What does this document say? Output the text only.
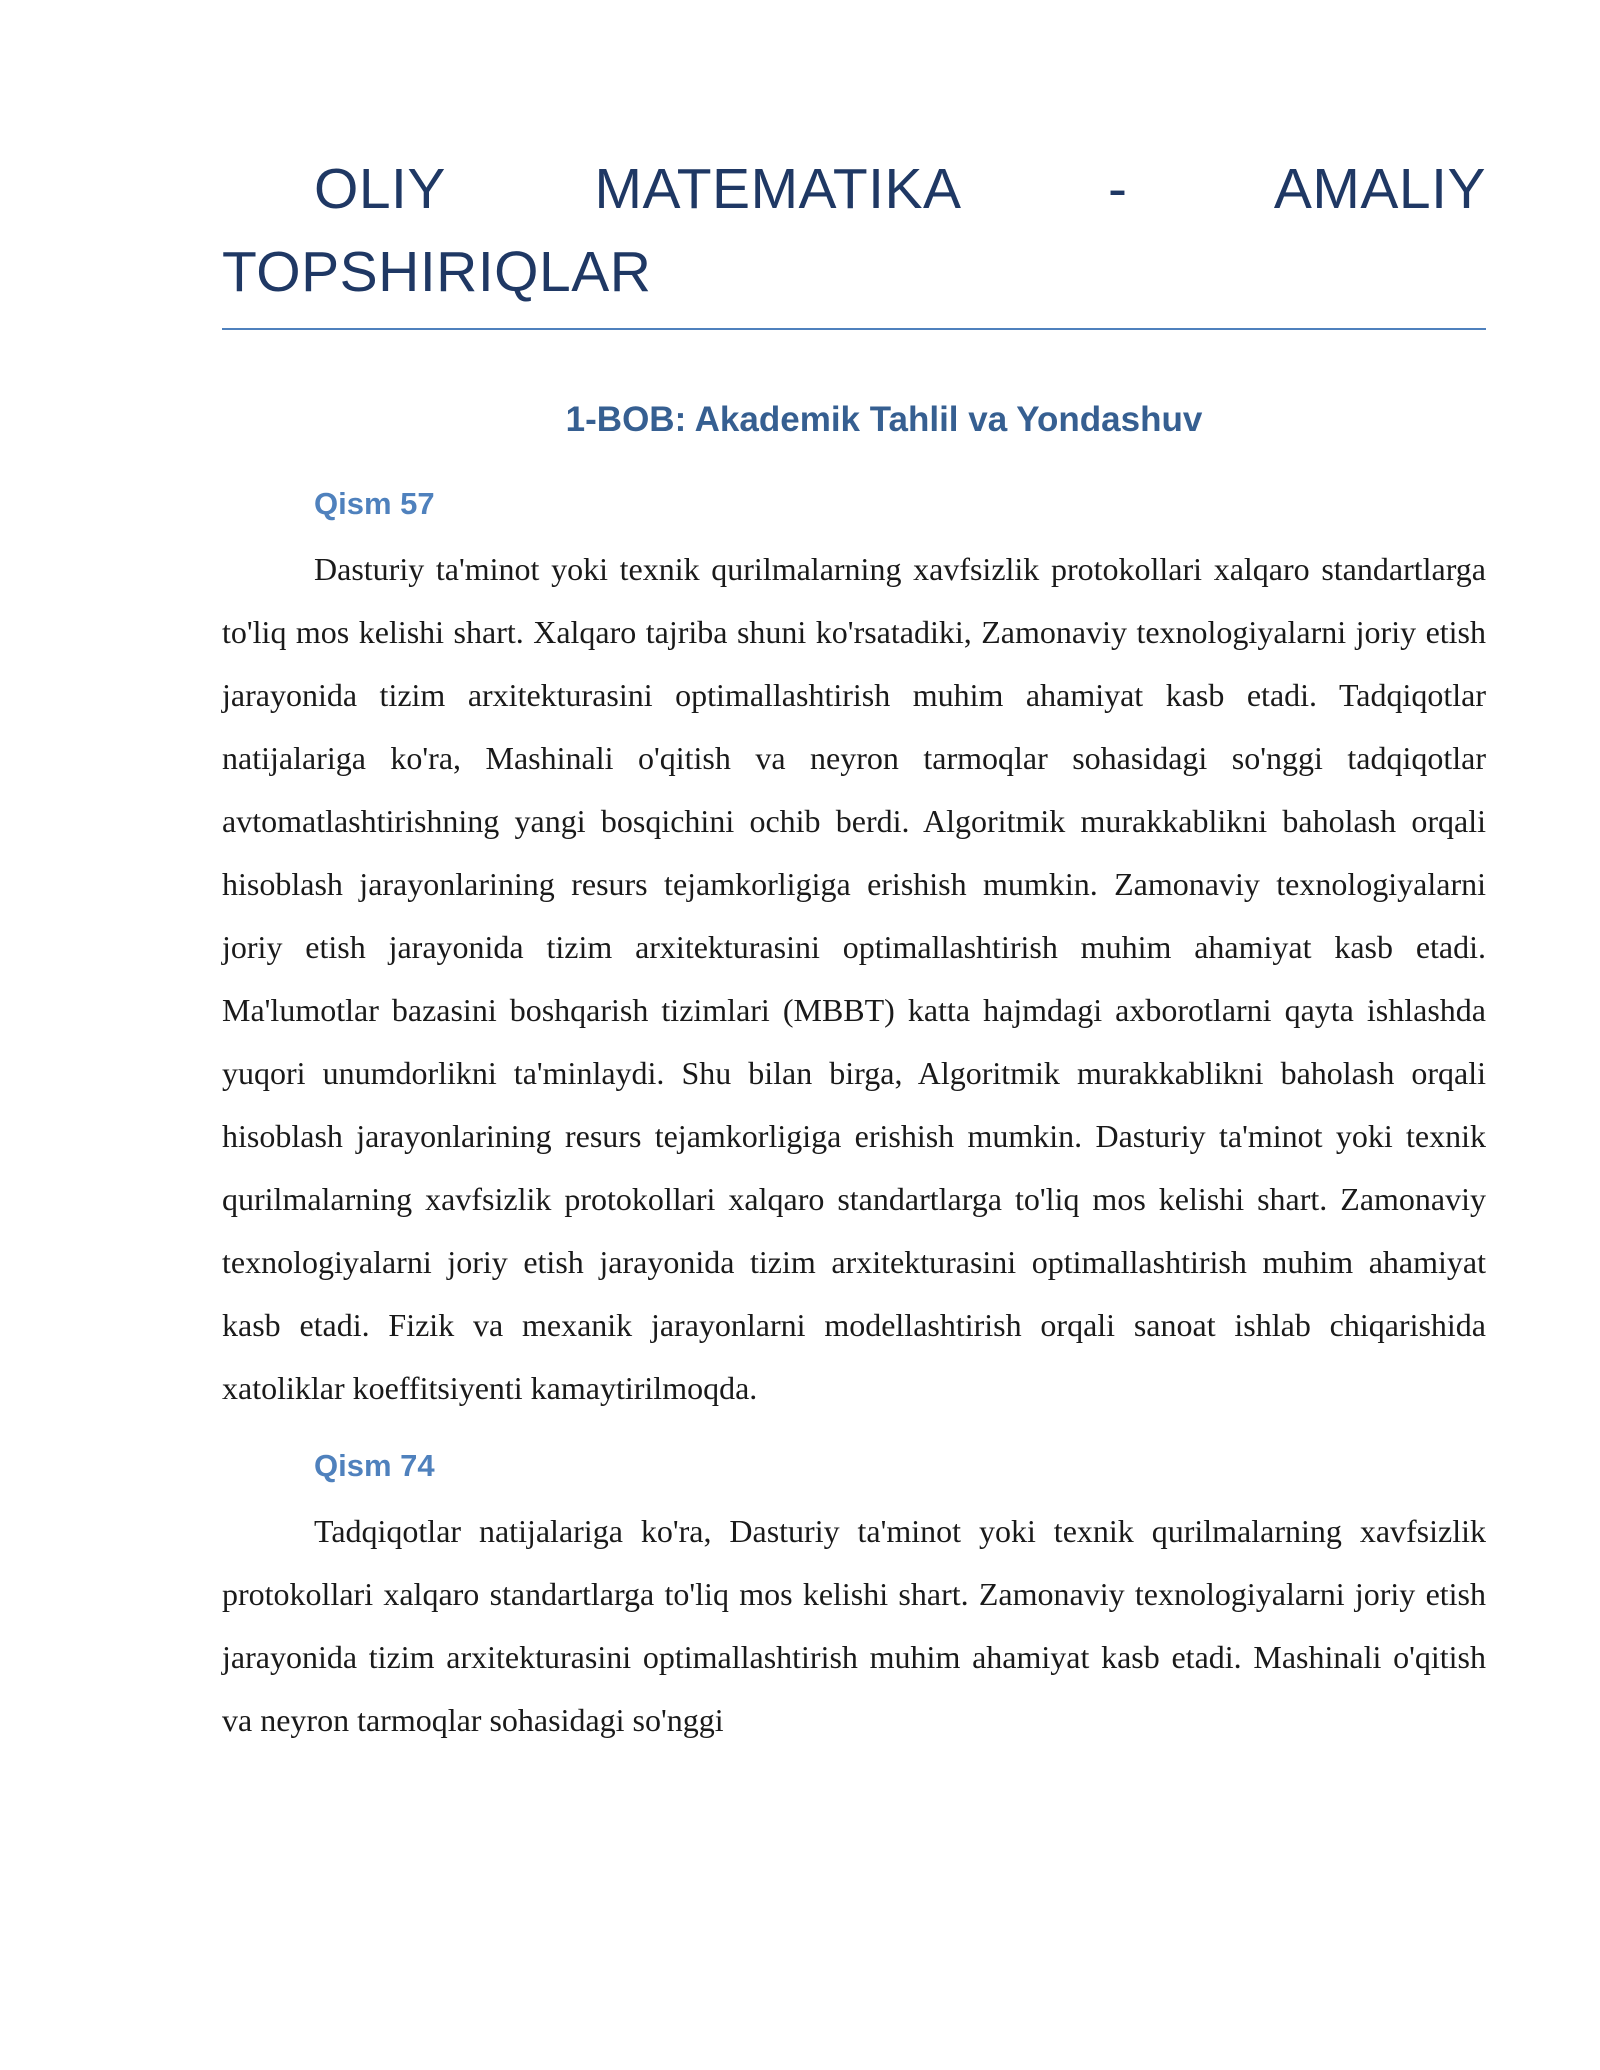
OLIY MATEMATIKA - AMALIY TOPSHIRIQLAR
1-BOB: Akademik Tahlil va Yondashuv
Qism 57

Dasturiy ta'minot yoki texnik qurilmalarning xavfsizlik protokollari xalqaro standartlarga to'liq mos kelishi shart. Xalqaro tajriba shuni ko'rsatadiki, Zamonaviy texnologiyalarni joriy etish jarayonida tizim arxitekturasini optimallashtirish muhim ahamiyat kasb etadi. Tadqiqotlar natijalariga ko'ra, Mashinali o'qitish va neyron tarmoqlar sohasidagi so'nggi tadqiqotlar avtomatlashtirishning yangi bosqichini ochib berdi. Algoritmik murakkablikni baholash orqali hisoblash jarayonlarining resurs tejamkorligiga erishish mumkin. Zamonaviy texnologiyalarni joriy etish jarayonida tizim arxitekturasini optimallashtirish muhim ahamiyat kasb etadi. Ma'lumotlar bazasini boshqarish tizimlari (MBBT) katta hajmdagi axborotlarni qayta ishlashda yuqori unumdorlikni ta'minlaydi. Shu bilan birga, Algoritmik murakkablikni baholash orqali hisoblash jarayonlarining resurs tejamkorligiga erishish mumkin. Dasturiy ta'minot yoki texnik qurilmalarning xavfsizlik protokollari xalqaro standartlarga to'liq mos kelishi shart. Zamonaviy texnologiyalarni joriy etish jarayonida tizim arxitekturasini optimallashtirish muhim ahamiyat kasb etadi. Fizik va mexanik jarayonlarni modellashtirish orqali sanoat ishlab chiqarishida xatoliklar koeffitsiyenti kamaytirilmoqda.

Qism 74

Tadqiqotlar natijalariga ko'ra, Dasturiy ta'minot yoki texnik qurilmalarning xavfsizlik protokollari xalqaro standartlarga to'liq mos kelishi shart. Zamonaviy texnologiyalarni joriy etish jarayonida tizim arxitekturasini optimallashtirish muhim ahamiyat kasb etadi. Mashinali o'qitish va neyron tarmoqlar sohasidagi so'nggi
